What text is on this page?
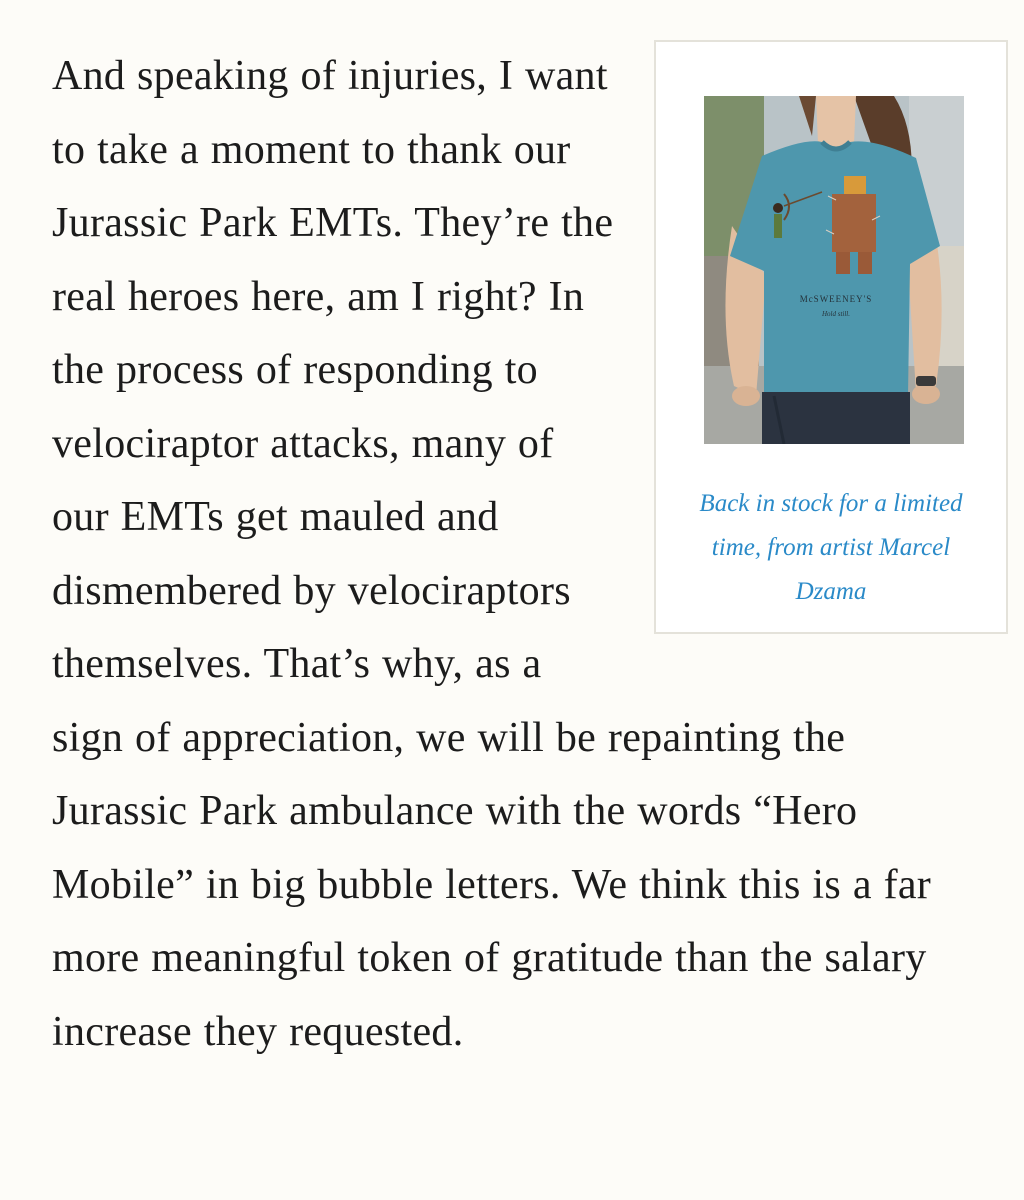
McSWEENEY'S
Hold still.
Back in stock for a limited time, from artist Marcel Dzama

And speaking of injuries, I want to take a moment to thank our Jurassic Park EMTs. They’re the real heroes here, am I right? In the process of responding to velociraptor attacks, many of our EMTs get mauled and dismembered by velociraptors themselves. That’s why, as a sign of appreciation, we will be repainting the Jurassic Park ambulance with the words “Hero Mobile” in big bubble letters. We think this is a far more meaningful token of gratitude than the salary increase they requested.
